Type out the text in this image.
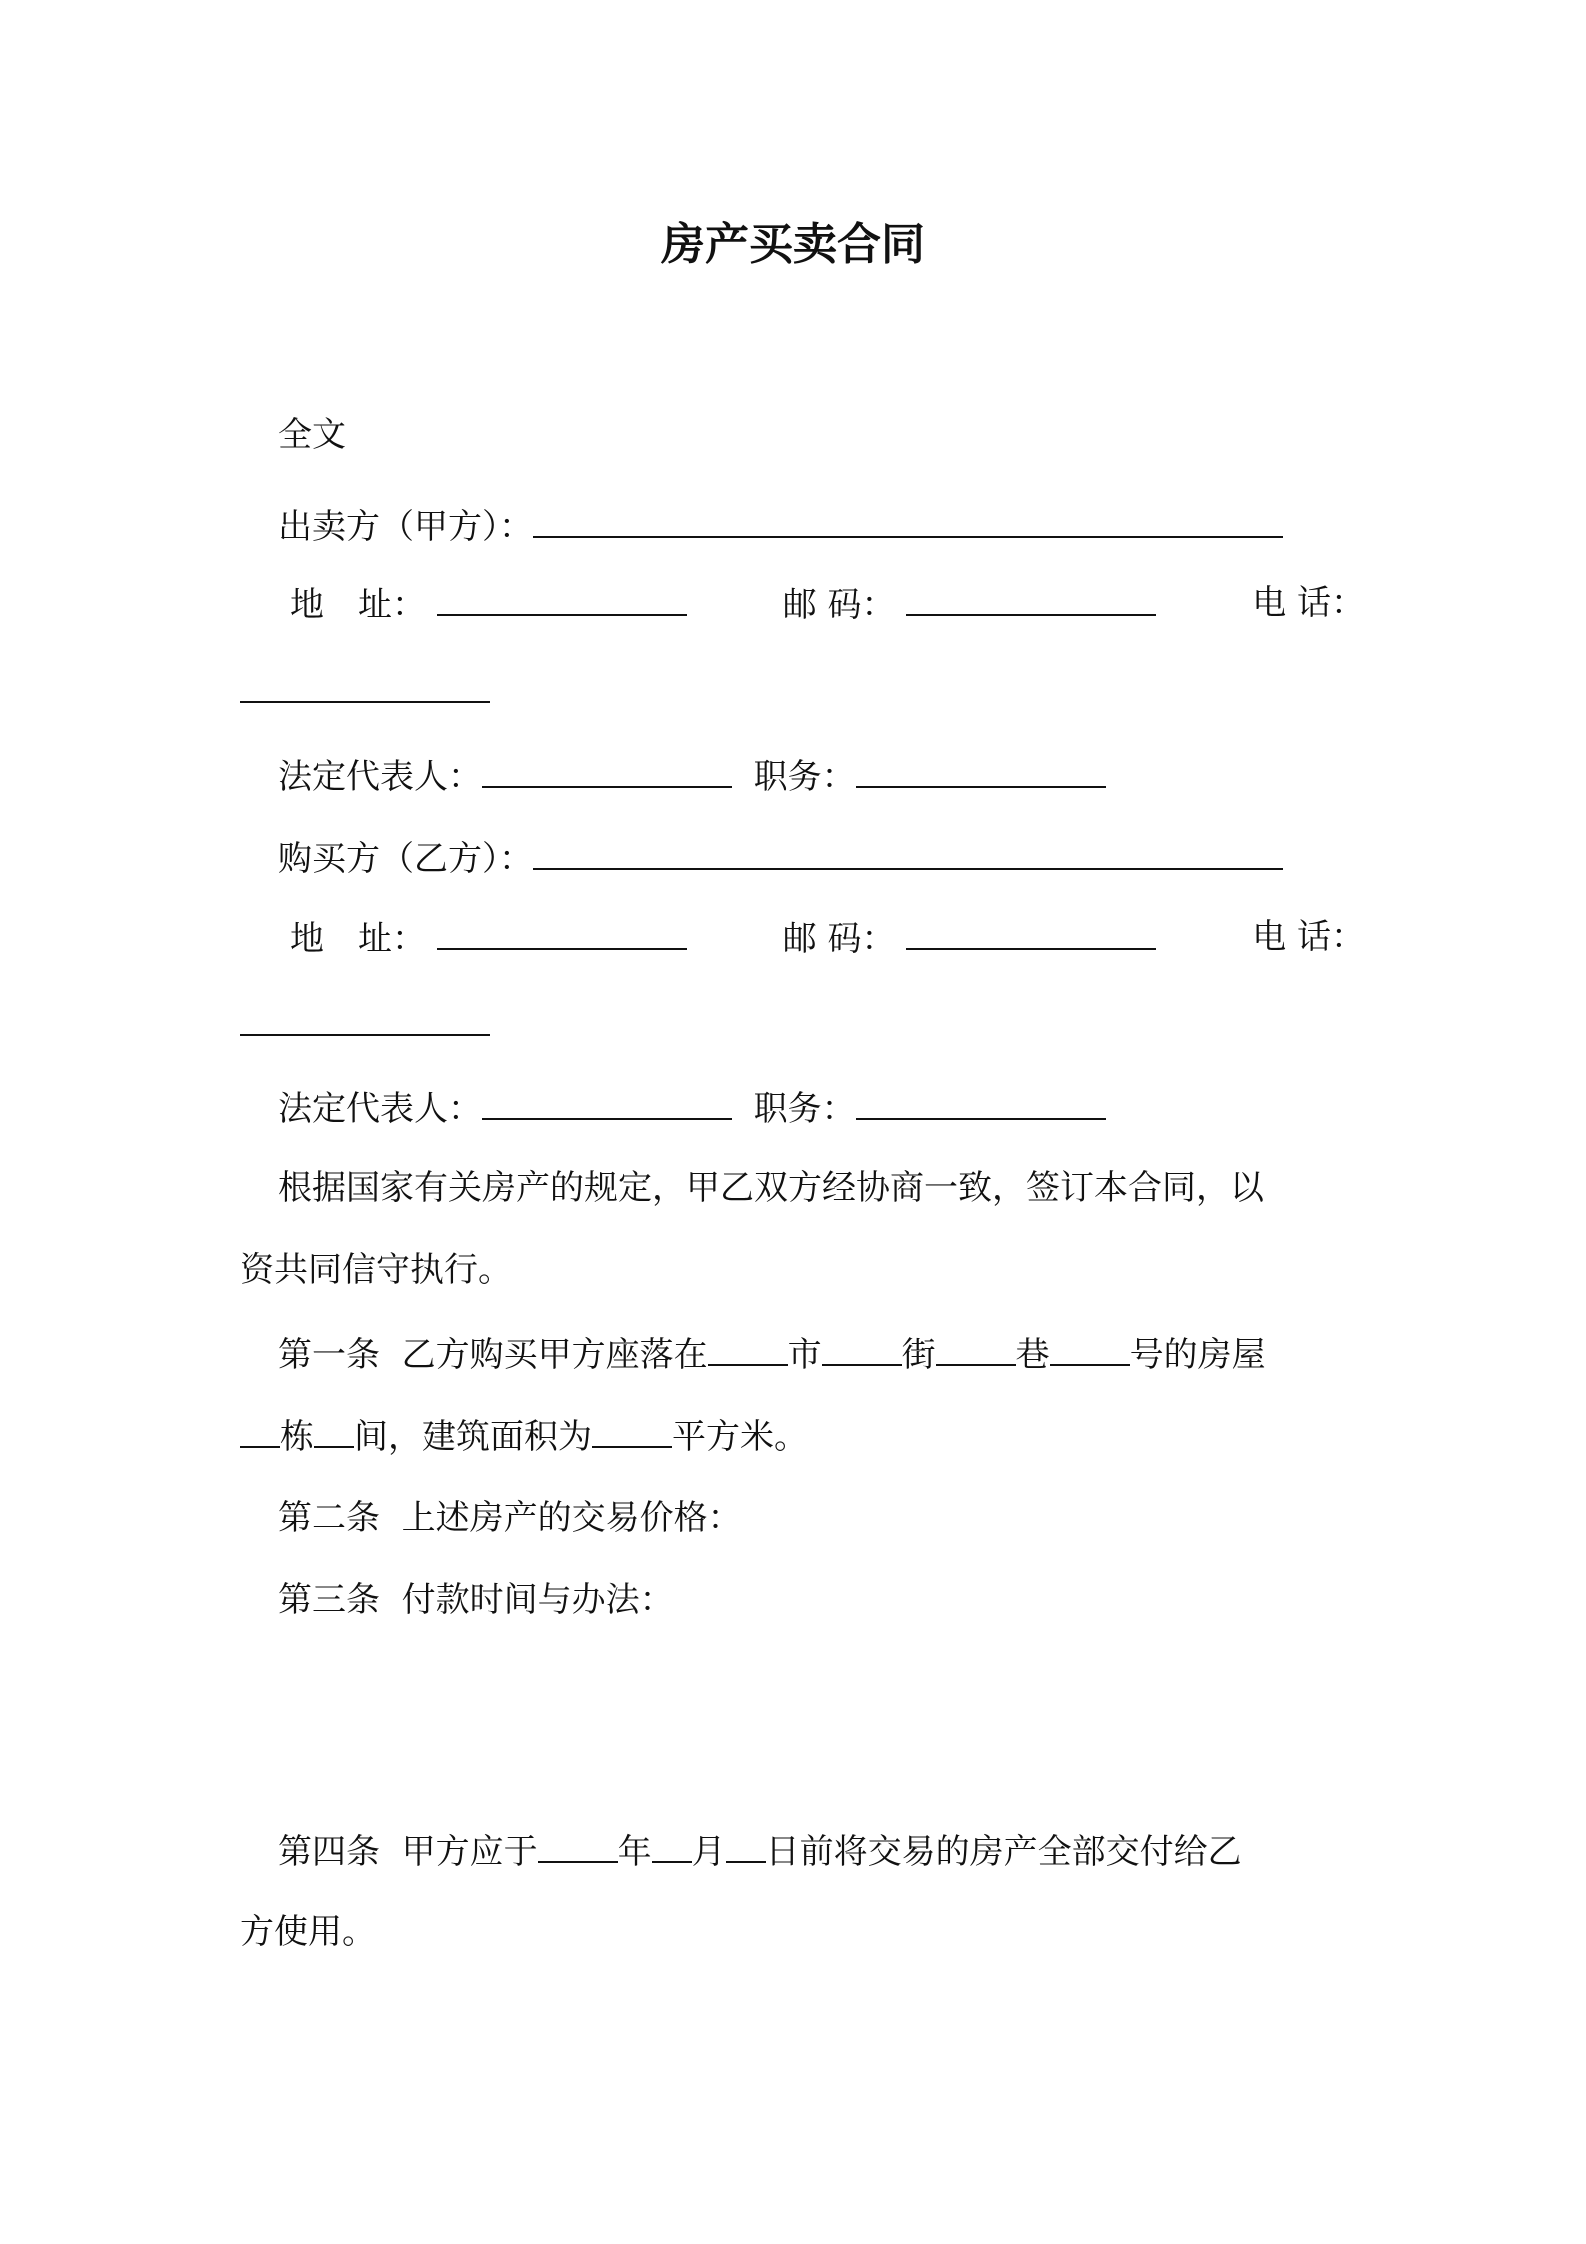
房产买卖合同
全文
出卖方（甲方）：
地　址：	邮 码：	电 话：
法定代表人：	职务：
购买方（乙方）：
地　址：	邮 码：	电 话：
法定代表人：	职务：
根据国家有关房产的规定，甲乙双方经协商一致，签订本合同，以
资共同信守执行。
第一条  乙方购买甲方座落在 市 街 巷 号的房屋
栋 间，建筑面积为 平方米。
第二条  上述房产的交易价格：
第三条  付款时间与办法：
第四条  甲方应于 年 月 日前将交易的房产全部交付给乙
方使用。
